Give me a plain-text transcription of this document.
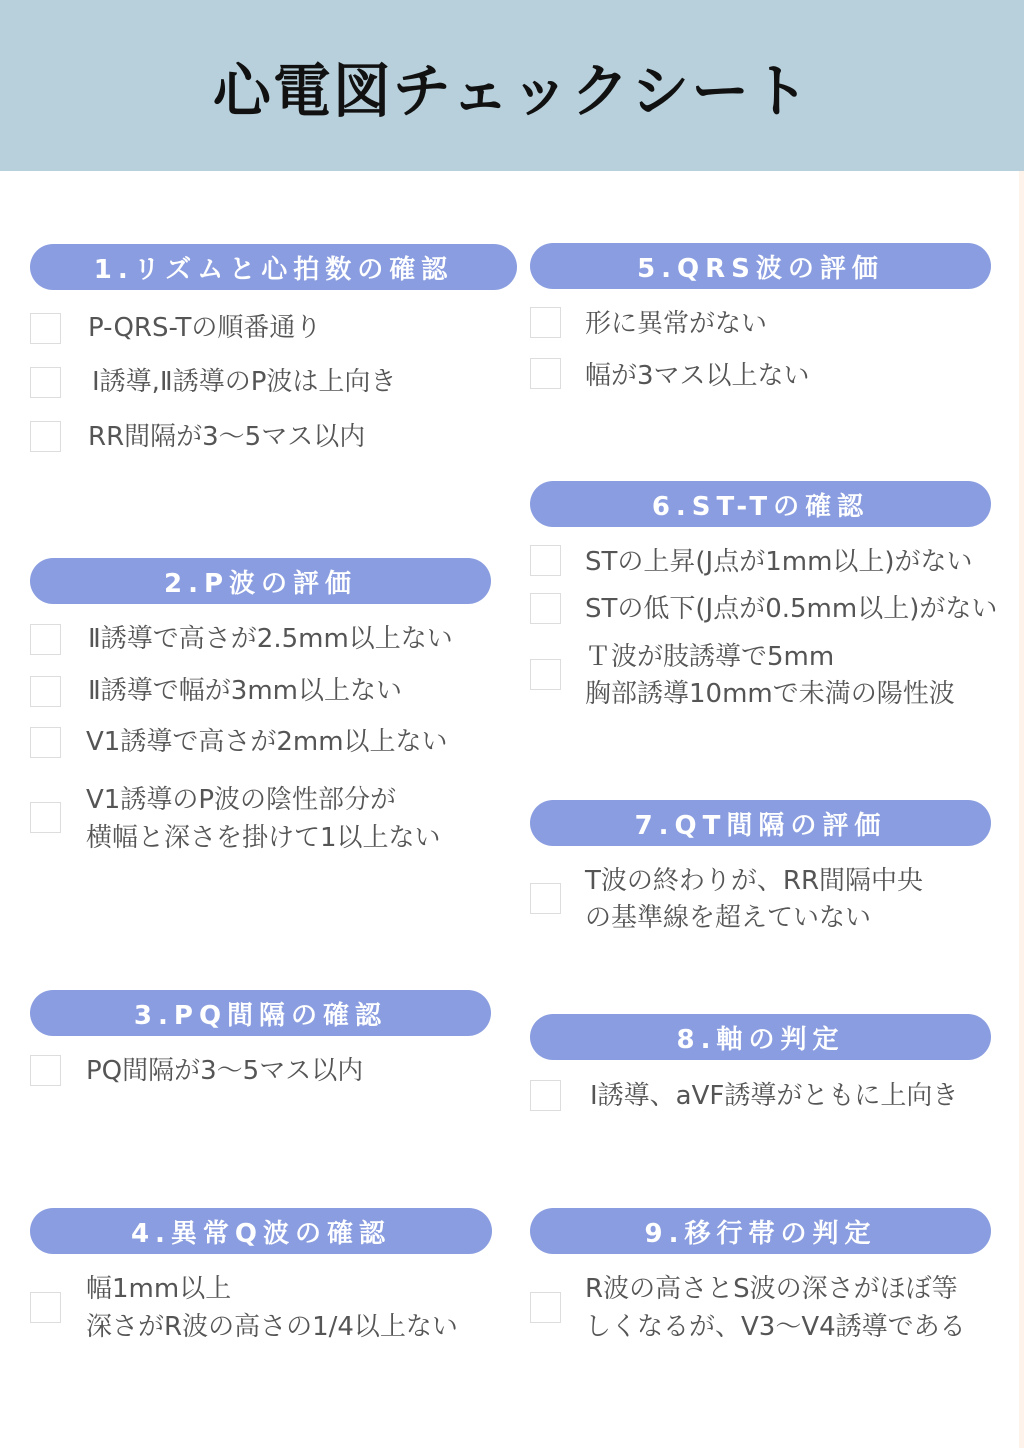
心電図チェックシート
1.リズムと心拍数の確認
P-QRS-Tの順番通り
Ⅰ誘導,Ⅱ誘導のP波は上向き
RR間隔が3〜5マス以内
2.P波の評価
Ⅱ誘導で高さが2.5mm以上ない
Ⅱ誘導で幅が3mm以上ない
V1誘導で高さが2mm以上ない
V1誘導のP波の陰性部分が
横幅と深さを掛けて1以上ない
3.PQ間隔の確認
PQ間隔が3〜5マス以内
4.異常Q波の確認
幅1mm以上
深さがR波の高さの1/4以上ない
5.QRS波の評価
形に異常がない
幅が3マス以上ない
6.ST-Tの確認
STの上昇(J点が1mm以上)がない
STの低下(J点が0.5mm以上)がない
Ｔ波が肢誘導で5mm
胸部誘導10mmで未満の陽性波
7.QT間隔の評価
T波の終わりが、RR間隔中央
の基準線を超えていない
8.軸の判定
Ⅰ誘導、aVF誘導がともに上向き
9.移行帯の判定
R波の高さとS波の深さがほぼ等
しくなるが、V3〜V4誘導である
